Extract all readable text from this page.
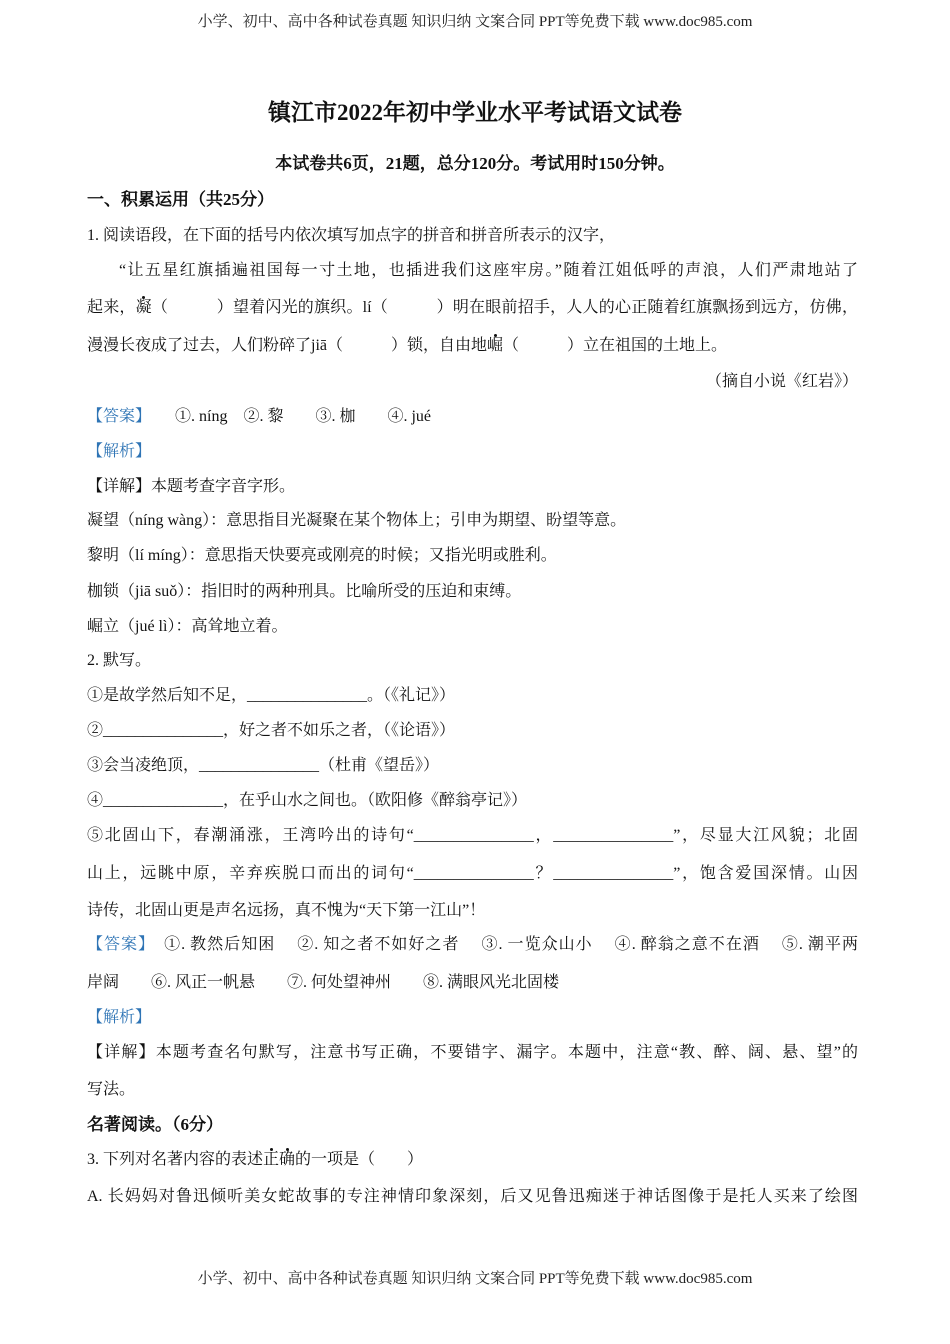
小学、初中、高中各种试卷真题 知识归纳 文案合同 PPT等免费下载 www.doc985.com
镇江市2022年初中学业水平考试语文试卷
本试卷共6页，21题，总分120分。考试用时150分钟。
一、积累运用（共25分）
1. 阅读语段，在下面的括号内依次填写加点字的拼音和拼音所表示的汉字，
“让五星红旗插遍祖国每一寸土地，也插进我们这座牢房。”随着江姐低呼的声浪，人们严肃地站了
起来，凝（　　　）望着闪光的旗织。lí（　　　）明在眼前招手，人人的心正随着红旗飘扬到远方，仿佛，
漫漫长夜成了过去，人们粉碎了jiā（　　　）锁，自由地崛（　　　）立在祖国的土地上。
（摘自小说《红岩》）
【答案】　　①. níng　②. 黎　　③. 枷　　④. jué
【解析】
【详解】本题考查字音字形。
凝望（níng wàng）：意思指目光凝聚在某个物体上；引申为期望、盼望等意。
黎明（lí míng）：意思指天快要亮或刚亮的时候；又指光明或胜利。
枷锁（jiā suǒ）：指旧时的两种刑具。比喻所受的压迫和束缚。
崛立（jué lì）：高耸地立着。
2. 默写。
①是故学然后知不足，_______________。（《礼记》）
②_______________，好之者不如乐之者，（《论语》）
③会当凌绝顶，_______________（杜甫《望岳》）
④_______________，在乎山水之间也。（欧阳修《醉翁亭记》）
⑤北固山下，春潮涌涨，王湾吟出的诗句“_______________，_______________”，尽显大江风貌；北固
山上，远眺中原，辛弃疾脱口而出的词句“_______________？_______________”，饱含爱国深情。山因
诗传，北固山更是声名远扬，真不愧为“天下第一江山”！
【答案】　①. 教然后知困　 ②. 知之者不如好之者　 ③. 一览众山小　 ④. 醉翁之意不在酒　 ⑤. 潮平两
岸阔　　⑥. 风正一帆悬　　⑦. 何处望神州　　⑧. 满眼风光北固楼
【解析】
【详解】本题考查名句默写，注意书写正确，不要错字、漏字。本题中，注意“教、醉、阔、悬、望”的
写法。
名著阅读。（6分）
3. 下列对名著内容的表述正确的一项是（　　）
A. 长妈妈对鲁迅倾听美女蛇故事的专注神情印象深刻，后又见鲁迅痴迷于神话图像于是托人买来了绘图
小学、初中、高中各种试卷真题 知识归纳 文案合同 PPT等免费下载 www.doc985.com
